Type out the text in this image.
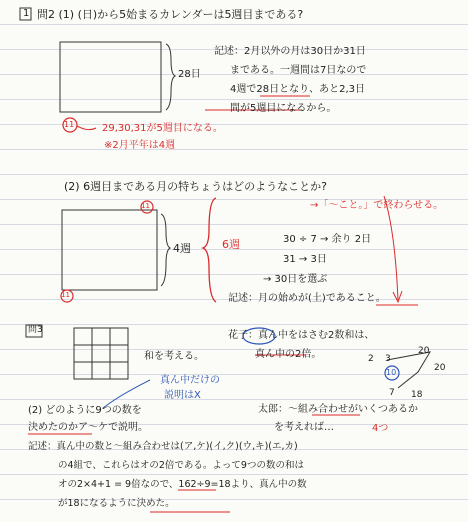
1 問2 (1) (日)から5始まるカレンダーは5週目まである?
28日
記述：2月以外の月は30日か31日
まである。一週間は7日なので
4週で28日となり、あと2,3日
間が5週目になるから。
11	29,30,31が5週目になる。
※2月平年は4週
(2) 6週目まである月の特ちょうはどのようなことか?
→「〜こと。」で終わらせる。
11
11
4週	6週	30 ÷ 7 → 余り 2日
31 → 3日
→ 30日を選ぶ
記述：月の始めが(土)であること。
問3
和を考える。
花子：真ん中をはさむ2数和は、
真ん中の2倍。	2 3
20
20
7 18
10
真ん中だけの
説明はX
(2) どのように9つの数を
決めたのかア〜ケで説明。
太郎：〜組み合わせがいくつあるか
を考えれば…	4つ
記述：真ん中の数と〜組み合わせは(ア,ケ)(イ,ク)(ウ,キ)(エ,カ)
の4組で、これらはオの2倍である。よって9つの数の和は
オの2×4+1 = 9倍なので、162÷9=18より、真ん中の数
が18になるように決めた。
